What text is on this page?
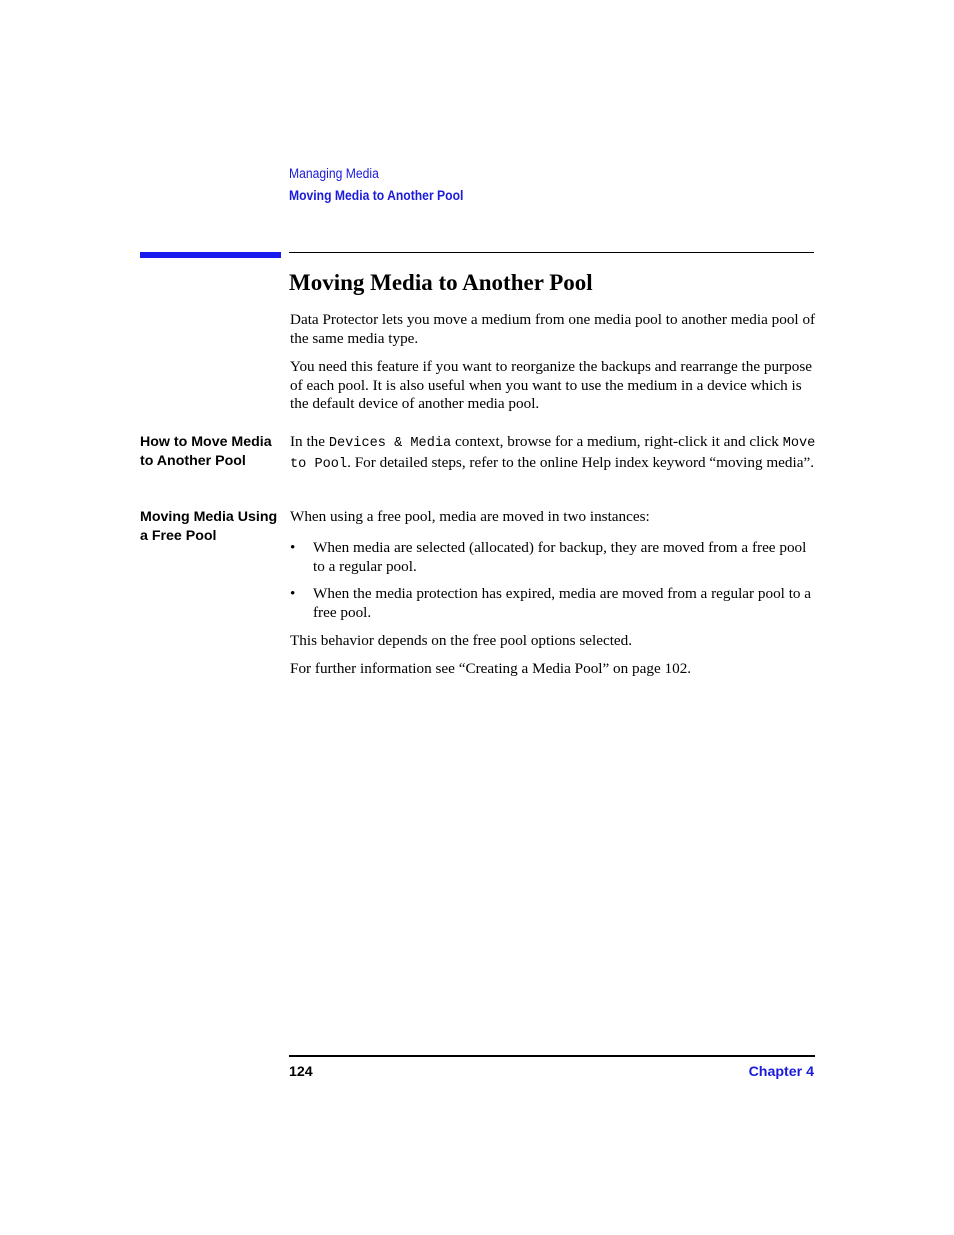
Managing Media
Moving Media to Another Pool
Moving Media to Another Pool

Data Protector lets you move a medium from one media pool to another media pool of the same media type.

You need this feature if you want to reorganize the backups and rearrange the purpose of each pool. It is also useful when you want to use the medium in a device which is the default device of another media pool.

How to Move Media to Another Pool

In the Devices & Media context, browse for a medium, right-click it and click Move to Pool. For detailed steps, refer to the online Help index keyword “moving media”.

Moving Media Using a Free Pool
When using a free pool, media are moved in two instances:
• When media are selected (allocated) for backup, they are moved from a free pool to a regular pool.
• When the media protection has expired, media are moved from a regular pool to a free pool.
This behavior depends on the free pool options selected.
For further information see “Creating a Media Pool” on page 102.
124	Chapter 4
